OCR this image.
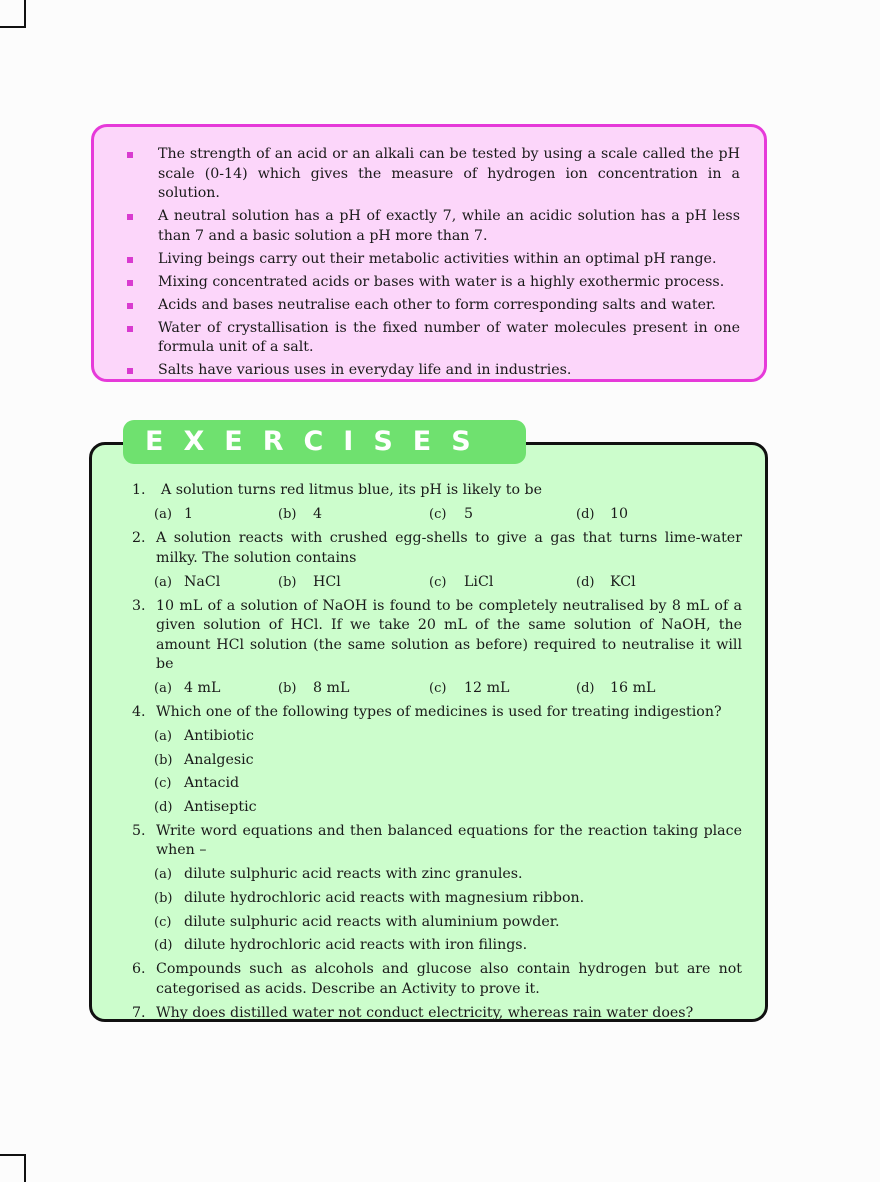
The strength of an acid or an alkali can be tested by using a scale called the pH scale (0-14) which gives the measure of hydrogen ion concentration in a solution.
A neutral solution has a pH of exactly 7, while an acidic solution has a pH less than 7 and a basic solution a pH more than 7.
Living beings carry out their metabolic activities within an optimal pH range.
Mixing concentrated acids or bases with water is a highly exothermic process.
Acids and bases neutralise each other to form corresponding salts and water.
Water of crystallisation is the fixed number of water molecules present in one formula unit of a salt.
Salts have various uses in everyday life and in industries.
EXERCISES
1.	A solution turns red litmus blue, its pH is likely to be
(a) 1	(b) 4	(c) 5	(d) 10
2. A solution reacts with crushed egg-shells to give a gas that turns lime-water milky. The solution contains
(a) NaCl	(b) HCl	(c) LiCl	(d) KCl
3. 10 mL of a solution of NaOH is found to be completely neutralised by 8 mL of a given solution of HCl. If we take 20 mL of the same solution of NaOH, the amount HCl solution (the same solution as before) required to neutralise it will be
(a) 4 mL	(b) 8 mL	(c) 12 mL	(d) 16 mL
4. Which one of the following types of medicines is used for treating indigestion?
(a) Antibiotic
(b) Analgesic
(c) Antacid
(d) Antiseptic
5. Write word equations and then balanced equations for the reaction taking place when –
(a) dilute sulphuric acid reacts with zinc granules.
(b) dilute hydrochloric acid reacts with magnesium ribbon.
(c) dilute sulphuric acid reacts with aluminium powder.
(d) dilute hydrochloric acid reacts with iron filings.
6. Compounds such as alcohols and glucose also contain hydrogen but are not categorised as acids. Describe an Activity to prove it.
7. Why does distilled water not conduct electricity, whereas rain water does?
